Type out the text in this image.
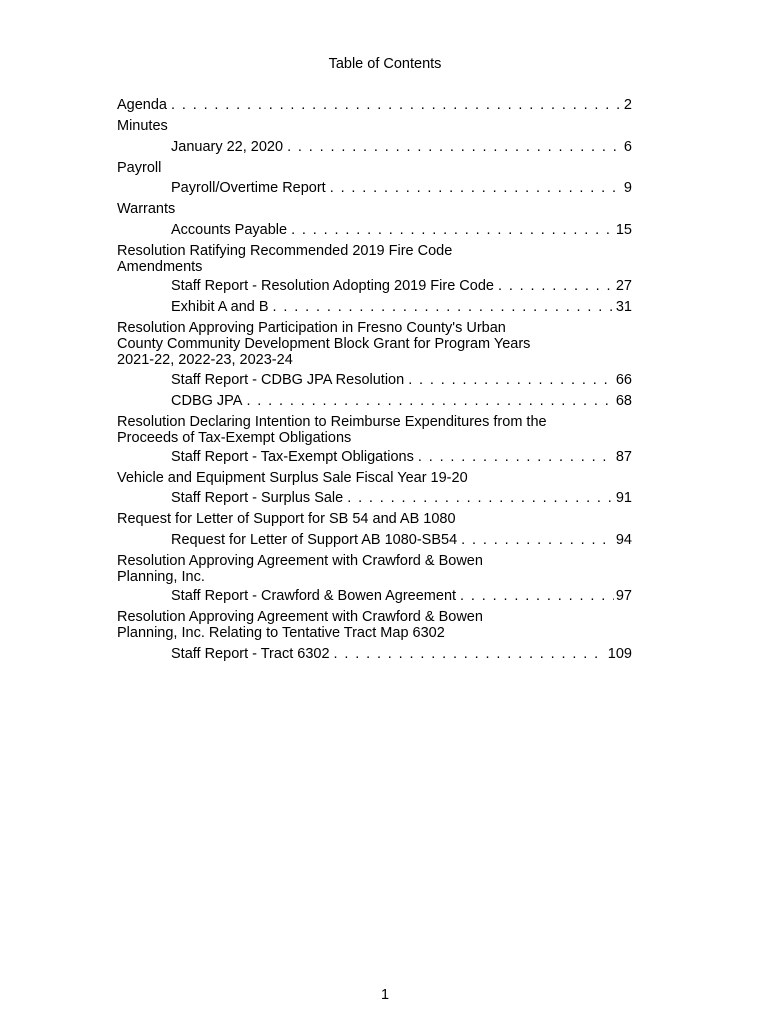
Table of Contents
Agenda . . .	2
Minutes
January 22, 2020 . . .	6
Payroll
Payroll/Overtime Report . . .	9
Warrants
Accounts Payable . . .	15
Resolution Ratifying Recommended 2019 Fire Code Amendments
Staff Report - Resolution Adopting 2019 Fire Code . . .	27
Exhibit A and B . . .	31
Resolution Approving Participation in Fresno County's Urban County Community Development Block Grant for Program Years 2021-22, 2022-23, 2023-24
Staff Report - CDBG JPA Resolution . . .	66
CDBG JPA . . .	68
Resolution Declaring Intention to Reimburse Expenditures from the Proceeds of Tax-Exempt Obligations
Staff Report - Tax-Exempt Obligations . . .	87
Vehicle and Equipment Surplus Sale Fiscal Year 19-20
Staff Report - Surplus Sale . . .	91
Request for Letter of Support for SB 54 and AB 1080
Request for Letter of Support AB 1080-SB54 . . .	94
Resolution Approving Agreement with Crawford & Bowen Planning, Inc.
Staff Report - Crawford & Bowen Agreement . . .	97
Resolution Approving Agreement with Crawford & Bowen Planning, Inc. Relating to Tentative Tract Map 6302
Staff Report - Tract 6302 . . .	109
1
